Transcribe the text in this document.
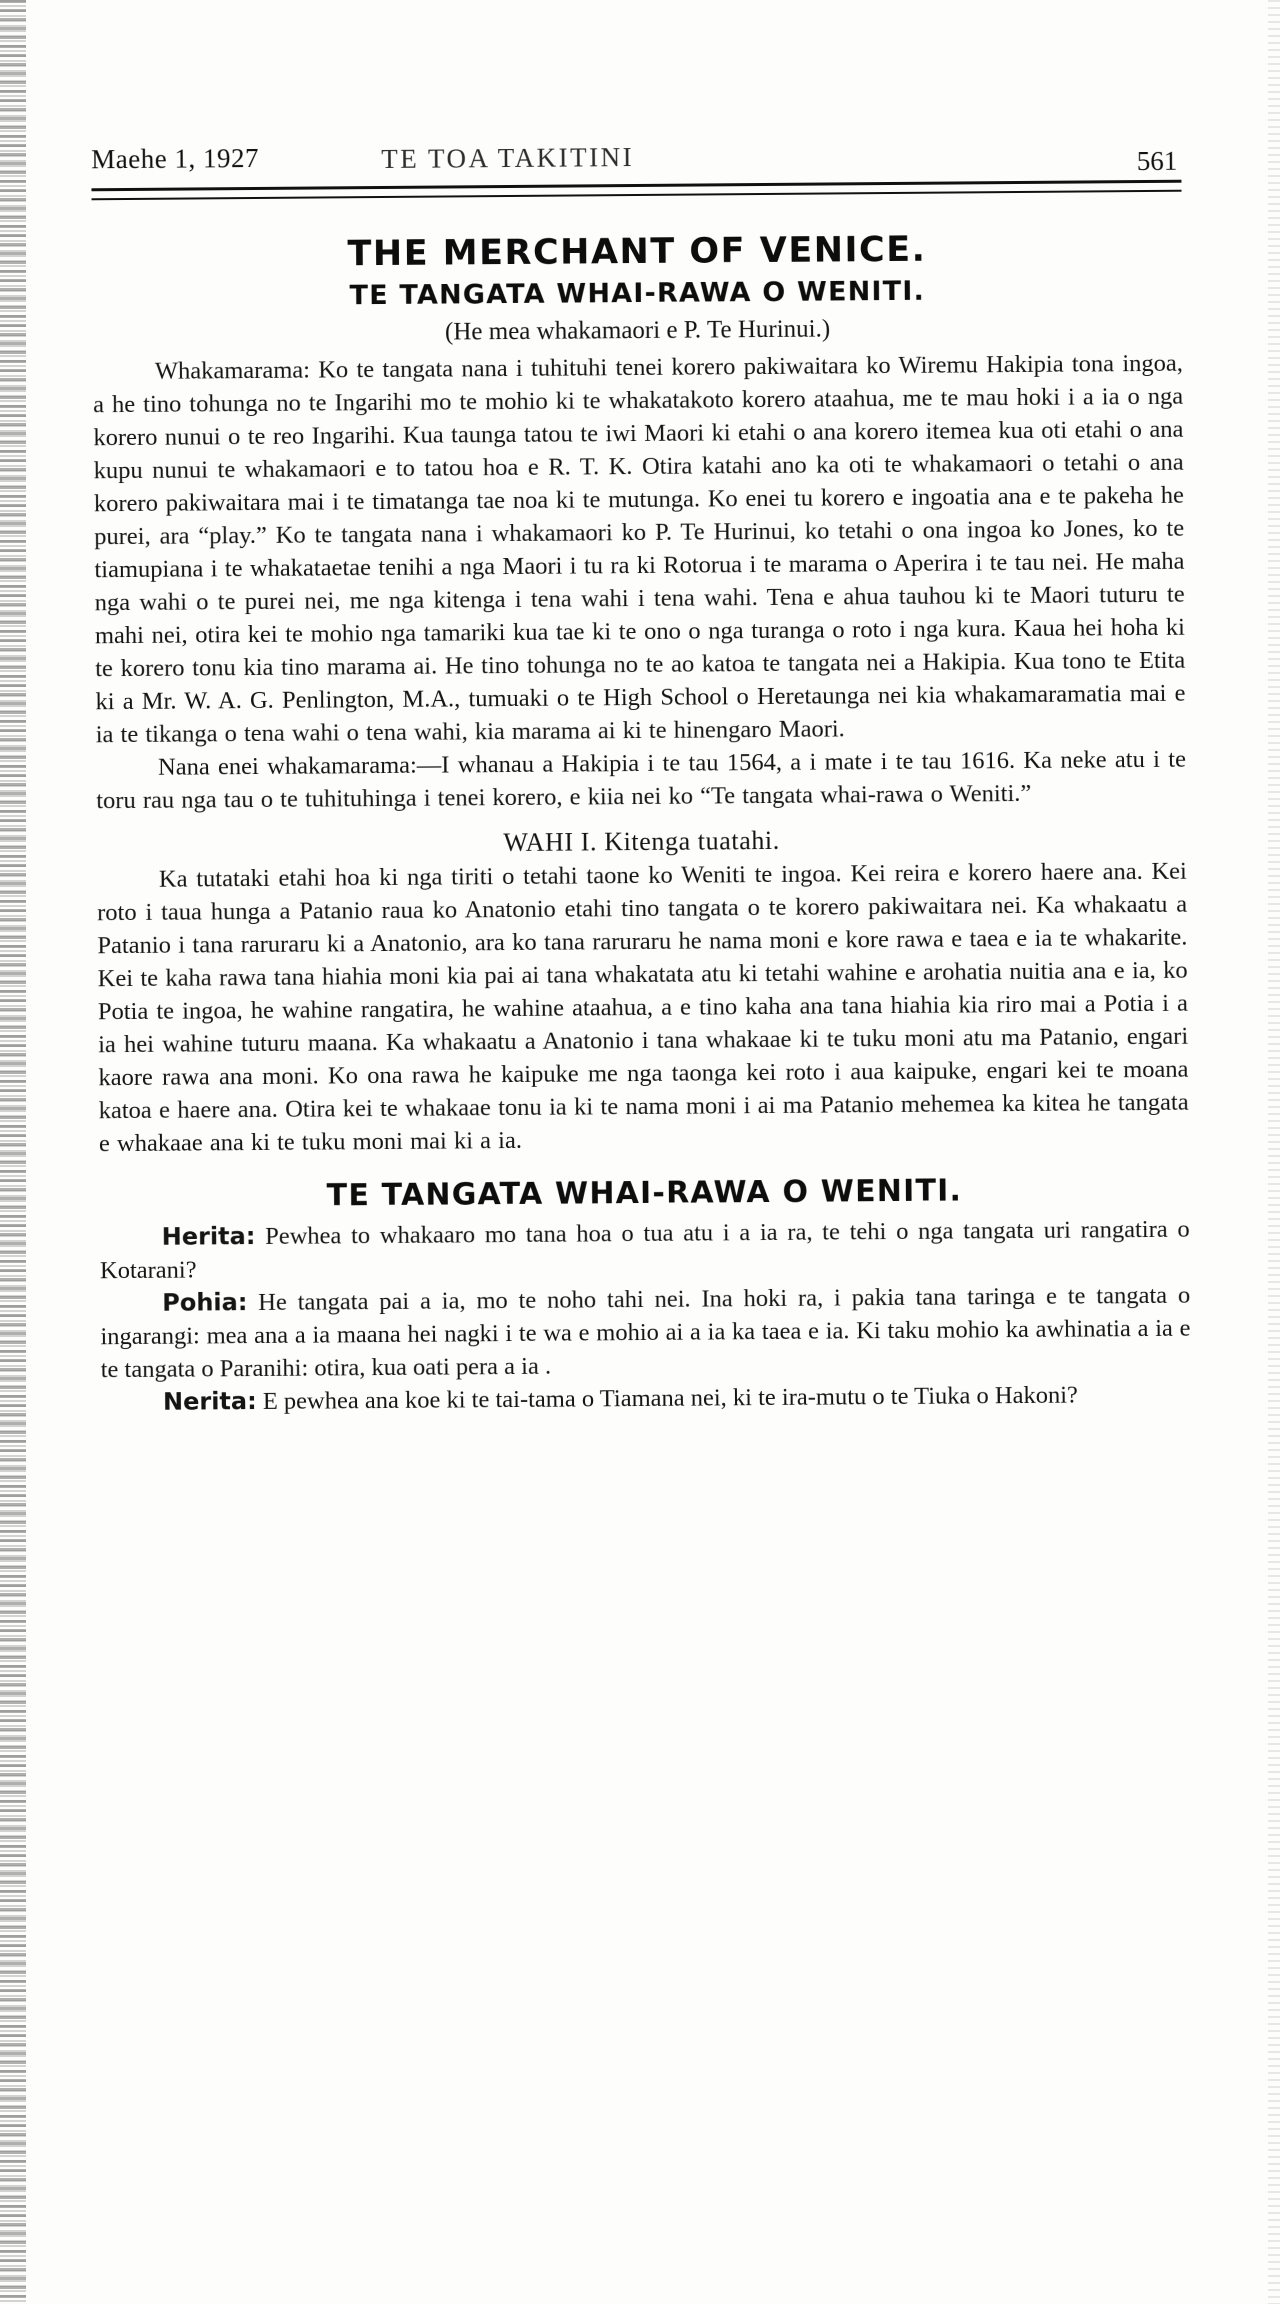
Maehe 1, 1927	TE TOA TAKITINI	561
THE MERCHANT OF VENICE.
TE TANGATA WHAI-RAWA O WENITI.
(He mea whakamaori e P. Te Hurinui.)

Whakamarama: Ko te tangata nana i tuhituhi tenei korero pakiwaitara ko Wiremu Hakipia tona ingoa, a he tino tohunga no te Ingarihi mo te mohio ki te whakatakoto korero ataahua, me te mau hoki i a ia o nga korero nunui o te reo Ingarihi. Kua taunga tatou te iwi Maori ki etahi o ana korero itemea kua oti etahi o ana kupu nunui te whakamaori e to tatou hoa e R. T. K. Otira katahi ano ka oti te whakamaori o tetahi o ana korero pakiwaitara mai i te timatanga tae noa ki te mutunga. Ko enei tu korero e ingoatia ana e te pakeha he purei, ara “play.” Ko te tangata nana i whakamaori ko P. Te Hurinui, ko tetahi o ona ingoa ko Jones, ko te tiamupiana i te whakataetae tenihi a nga Maori i tu ra ki Rotorua i te marama o Aperira i te tau nei. He maha nga wahi o te purei nei, me nga kitenga i tena wahi i tena wahi. Tena e ahua tauhou ki te Maori tuturu te mahi nei, otira kei te mohio nga tamariki kua tae ki te ono o nga turanga o roto i nga kura. Kaua hei hoha ki te korero tonu kia tino marama ai. He tino tohunga no te ao katoa te tangata nei a Hakipia. Kua tono te Etita ki a Mr. W. A. G. Penlington, M.A., tumuaki o te High School o Heretaunga nei kia whakamaramatia mai e ia te tikanga o tena wahi o tena wahi, kia marama ai ki te hinengaro Maori.

Nana enei whakamarama:—I whanau a Hakipia i te tau 1564, a i mate i te tau 1616. Ka neke atu i te toru rau nga tau o te tuhituhinga i tenei korero, e kiia nei ko “Te tangata whai-rawa o Weniti.”

WAHI I. Kitenga tuatahi.

Ka tutataki etahi hoa ki nga tiriti o tetahi taone ko Weniti te ingoa. Kei reira e korero haere ana. Kei roto i taua hunga a Patanio raua ko Anatonio etahi tino tangata o te korero pakiwaitara nei. Ka whakaatu a Patanio i tana raruraru ki a Anatonio, ara ko tana raruraru he nama moni e kore rawa e taea e ia te whakarite. Kei te kaha rawa tana hiahia moni kia pai ai tana whakatata atu ki tetahi wahine e arohatia nuitia ana e ia, ko Potia te ingoa, he wahine rangatira, he wahine ataahua, a e tino kaha ana tana hiahia kia riro mai a Potia i a ia hei wahine tuturu maana. Ka whakaatu a Anatonio i tana whakaae ki te tuku moni atu ma Patanio, engari kaore rawa ana moni. Ko ona rawa he kaipuke me nga taonga kei roto i aua kaipuke, engari kei te moana katoa e haere ana. Otira kei te whakaae tonu ia ki te nama moni i ai ma Patanio mehemea ka kitea he tangata e whakaae ana ki te tuku moni mai ki a ia.

TE TANGATA WHAI-RAWA O WENITI.

Herita: Pewhea to whakaaro mo tana hoa o tua atu i a ia ra, te tehi o nga tangata uri rangatira o Kotarani?

Pohia: He tangata pai a ia, mo te noho tahi nei. Ina hoki ra, i pakia tana taringa e te tangata o ingarangi: mea ana a ia maana hei nagki i te wa e mohio ai a ia ka taea e ia. Ki taku mohio ka awhinatia a ia e te tangata o Paranihi: otira, kua oati pera a ia .

Nerita: E pewhea ana koe ki te tai-tama o Tiamana nei, ki te ira-mutu o te Tiuka o Hakoni?
